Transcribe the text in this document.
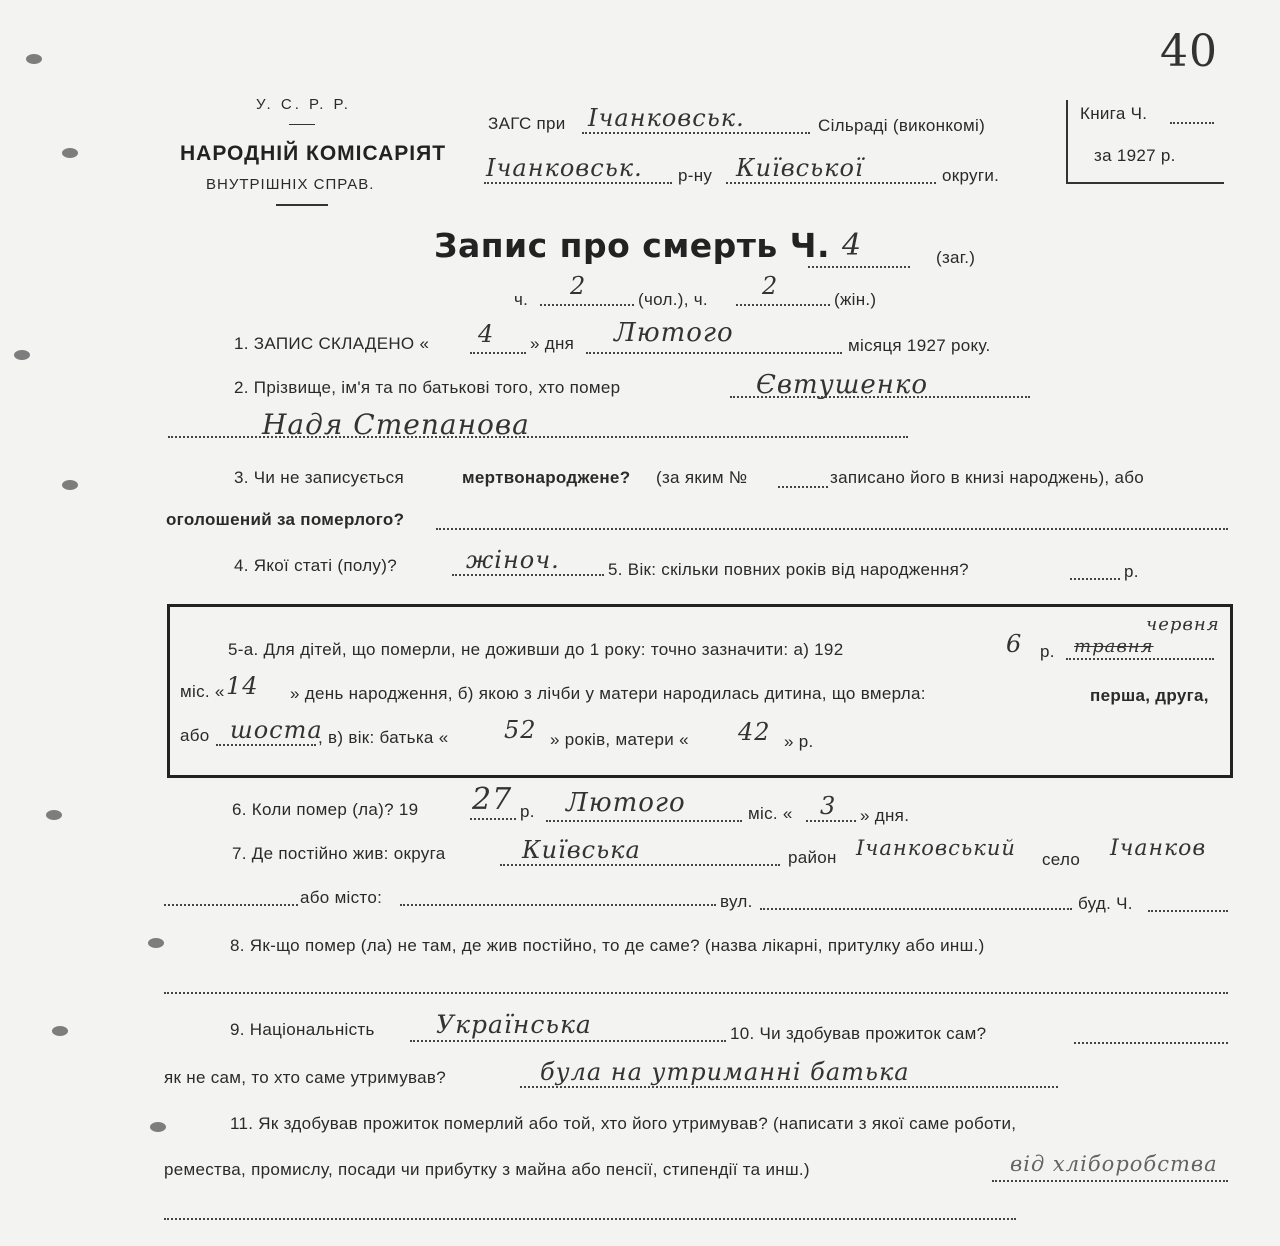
40
У. С. Р. Р.
НАРОДНІЙ КОМІСАРІЯТ
ВНУТРІШНІХ СПРАВ.
ЗАГС при Ічанковськ.	Сільраді (виконкомі)
Ічанковськ. р-ну Київської	округи.
Книга Ч.
за 1927 р.
Запис про смерть Ч. 4	(заг.)
ч. 2	(чол.), ч. 2	(жін.)
1. ЗАПИС СКЛАДЕНО « 4 » дня Лютого	місяця 1927 року.
2. Прізвище, ім'я та по батькові того, хто помер	Євтушенко
Надя Степанова
3. Чи не записується	мертвонароджене? (за яким №	записано його в книзі народжень), або
оголошений за померлого?
4. Якої статі (полу)?	жіноч.	5. Вік: скільки повних років від народження?	р.
5-а. Для дітей, що померли, не доживши до 1 року: точно зазначити: а) 192	6 р. травня
червня
міс. « 14 » день народження, б) якою з лічби у матери народилась дитина, що вмерла:	перша, друга,
або шоста
, в) вік: батька « 52 » років, матери « 42 » р.
6. Коли помер (ла)? 19 27 р. Лютого	міс. « 3 » дня.
7. Де постійно жив: округа	Київська	район Ічанковський село Ічанков
або місто:	вул.	буд. Ч.
8. Як-що помер (ла) не там, де жив постійно, то де саме? (назва лікарні, притулку або инш.)
9. Національність Українська	10. Чи здобував прожиток сам?
як не сам, то хто саме утримував?	була на утриманні батька
11. Як здобував прожиток померлий або той, хто його утримував? (написати з якої саме роботи,
ремества, промислу, посади чи прибутку з майна або пенсії, стипендії та инш.)	від хліборобства
